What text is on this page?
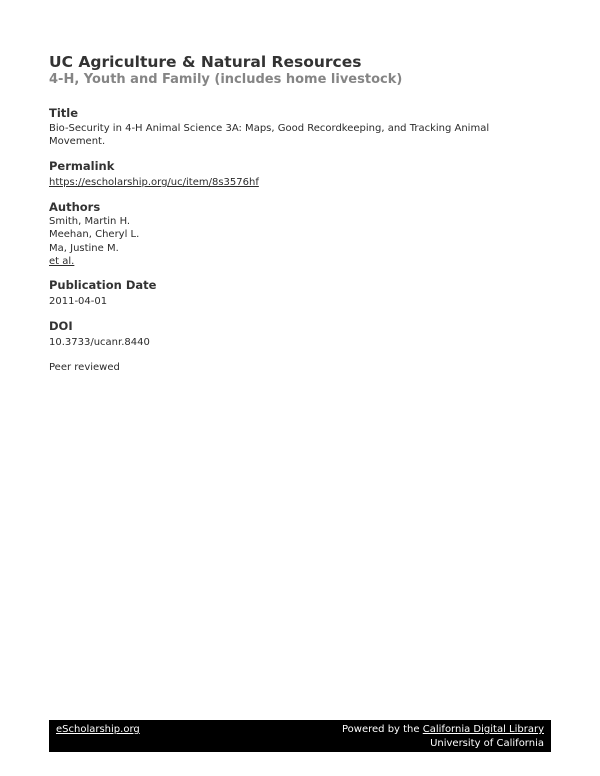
UC Agriculture & Natural Resources
4-H, Youth and Family (includes home livestock)
Title
Bio-Security in 4-H Animal Science 3A: Maps, Good Recordkeeping, and Tracking Animal Movement.
Permalink
https://escholarship.org/uc/item/8s3576hf
Authors
Smith, Martin H.
Meehan, Cheryl L.
Ma, Justine M.
et al.
Publication Date
2011-04-01
DOI
10.3733/ucanr.8440
Peer reviewed
eScholarship.org	Powered by the California Digital Library
University of California
